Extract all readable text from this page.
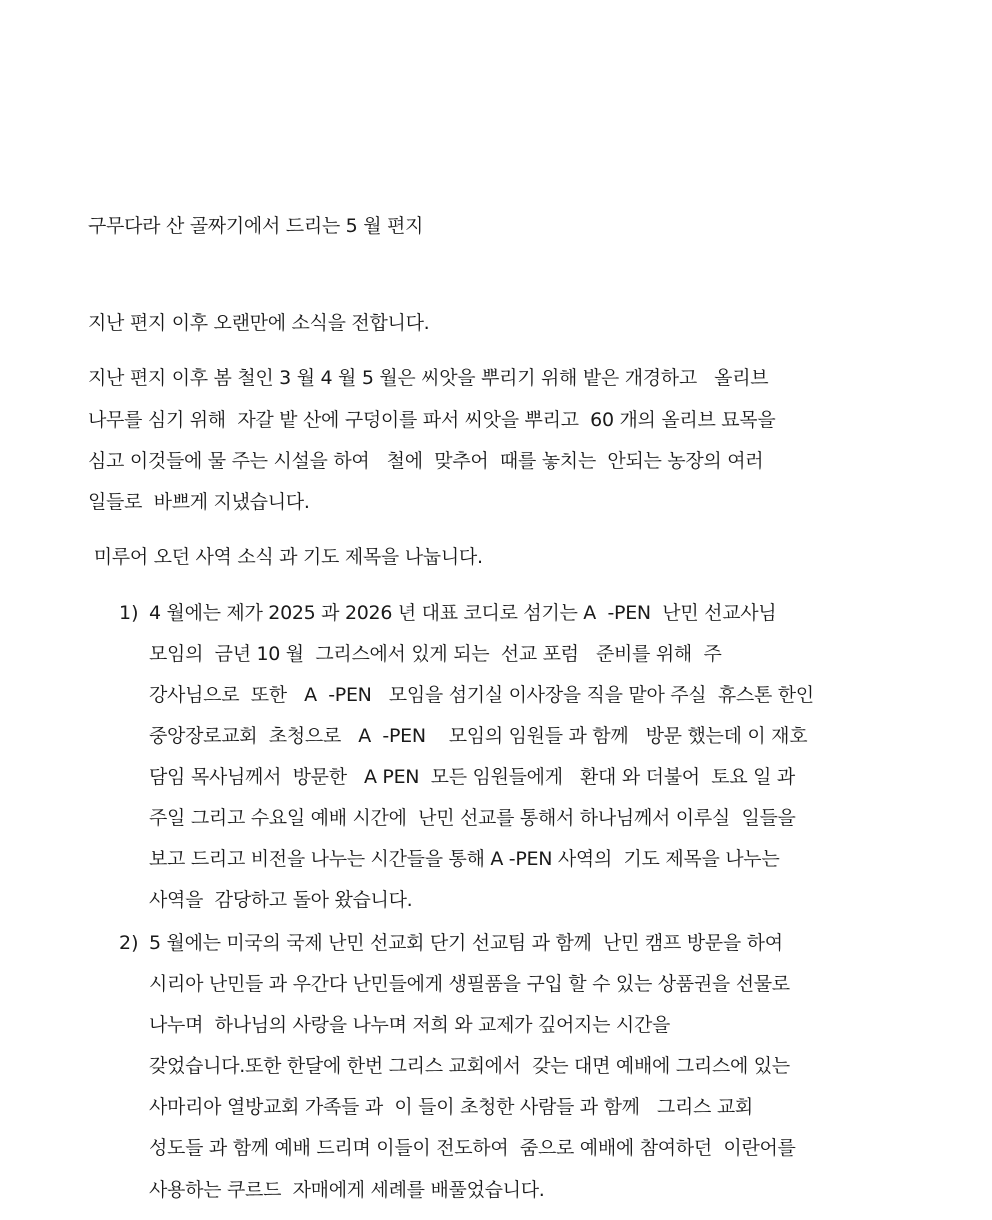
구무다라 산 골짜기에서 드리는 5 월 편지
지난 편지 이후 오랜만에 소식을 전합니다.
지난 편지 이후 봄 철인 3 월 4 월 5 월은 씨앗을 뿌리기 위해 밭은 개경하고   올리브
나무를 심기 위해  자갈 밭 산에 구덩이를 파서 씨앗을 뿌리고  60 개의 올리브 묘목을
심고 이것들에 물 주는 시설을 하여   철에  맞추어  때를 놓치는  안되는 농장의 여러
일들로  바쁘게 지냈습니다.
미루어 오던 사역 소식 과 기도 제목을 나눕니다.
1) 4 월에는 제가 2025 과 2026 년 대표 코디로 섬기는 A  -PEN  난민 선교사님
모임의  금년 10 월  그리스에서 있게 되는  선교 포럼   준비를 위해  주
강사님으로  또한   A  -PEN   모임을 섬기실 이사장을 직을 맡아 주실  휴스톤 한인
중앙장로교회  초청으로   A  -PEN    모임의 임원들 과 함께   방문 했는데 이 재호
담임 목사님께서  방문한   A PEN  모든 임원들에게   환대 와 더불어  토요 일 과
주일 그리고 수요일 예배 시간에  난민 선교를 통해서 하나님께서 이루실  일들을
보고 드리고 비전을 나누는 시간들을 통해 A -PEN 사역의  기도 제목을 나누는
사역을  감당하고 돌아 왔습니다.
2) 5 월에는 미국의 국제 난민 선교회 단기 선교팀 과 함께  난민 캠프 방문을 하여
시리아 난민들 과 우간다 난민들에게 생필품을 구입 할 수 있는 상품권을 선물로
나누며  하나님의 사랑을 나누며 저희 와 교제가 깊어지는 시간을
갖었습니다.또한 한달에 한번 그리스 교회에서  갖는 대면 예배에 그리스에 있는
사마리아 열방교회 가족들 과  이 들이 초청한 사람들 과 함께   그리스 교회
성도들 과 함께 예배 드리며 이들이 전도하여  줌으로 예배에 참여하던  이란어를
사용하는 쿠르드  자매에게 세례를 배풀었습니다.
